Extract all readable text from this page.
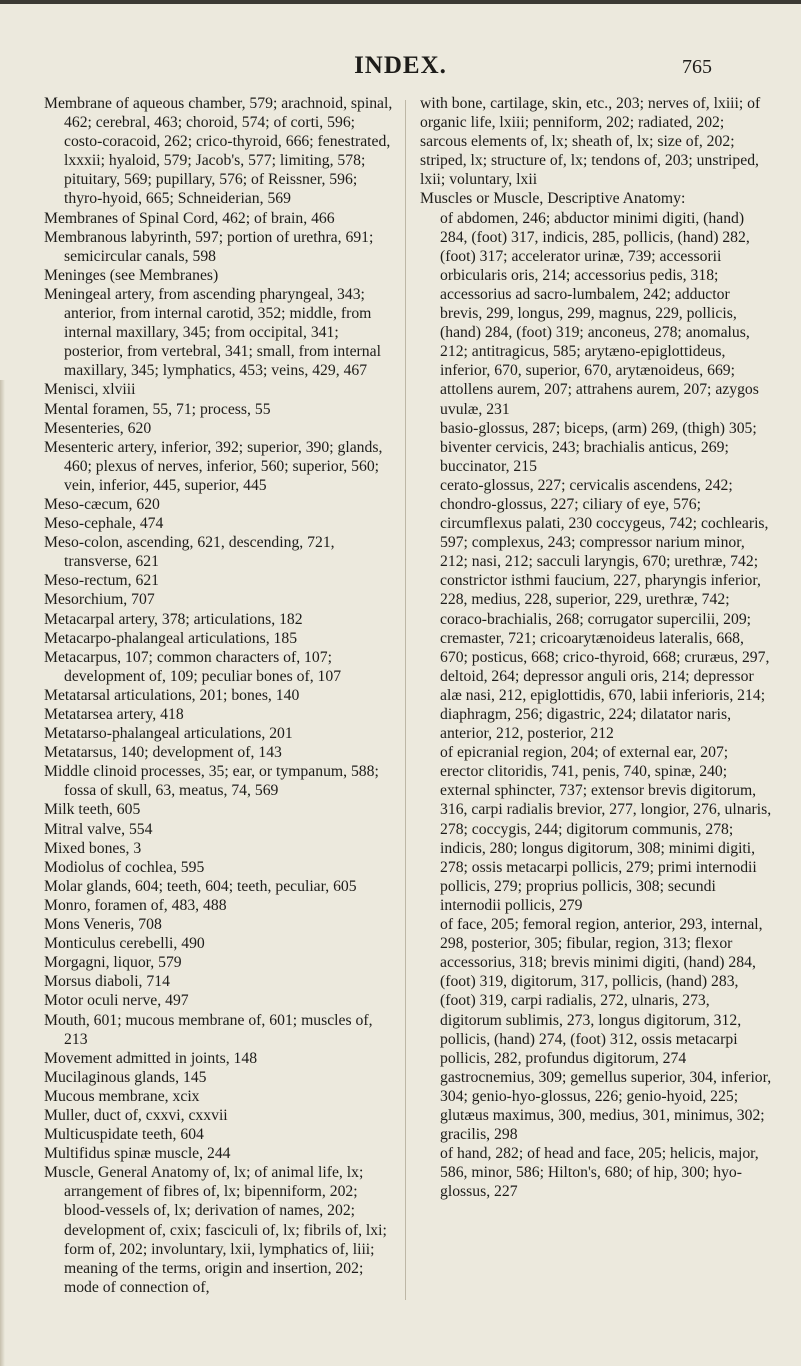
INDEX.	765

Membrane of aqueous chamber, 579; arachnoid, spinal, 462; cerebral, 463; choroid, 574; of corti, 596; costo-coracoid, 262; crico-thyroid, 666; fenestrated, lxxxii; hyaloid, 579; Jacob's, 577; limiting, 578; pituitary, 569; pupillary, 576; of Reissner, 596; thyro-hyoid, 665; Schneiderian, 569

Membranes of Spinal Cord, 462; of brain, 466

Membranous labyrinth, 597; portion of urethra, 691; semicircular canals, 598

Meninges (see Membranes)

Meningeal artery, from ascending pharyngeal, 343; anterior, from internal carotid, 352; middle, from internal maxillary, 345; from occipital, 341; posterior, from vertebral, 341; small, from internal maxillary, 345; lymphatics, 453; veins, 429, 467

Menisci, xlviii

Mental foramen, 55, 71; process, 55

Mesenteries, 620

Mesenteric artery, inferior, 392; superior, 390; glands, 460; plexus of nerves, inferior, 560; superior, 560; vein, inferior, 445, superior, 445

Meso-cæcum, 620

Meso-cephale, 474

Meso-colon, ascending, 621, descending, 721, transverse, 621

Meso-rectum, 621

Mesorchium, 707

Metacarpal artery, 378; articulations, 182

Metacarpo-phalangeal articulations, 185

Metacarpus, 107; common characters of, 107; development of, 109; peculiar bones of, 107

Metatarsal articulations, 201; bones, 140

Metatarsea artery, 418

Metatarso-phalangeal articulations, 201

Metatarsus, 140; development of, 143

Middle clinoid processes, 35; ear, or tympanum, 588; fossa of skull, 63, meatus, 74, 569

Milk teeth, 605

Mitral valve, 554

Mixed bones, 3

Modiolus of cochlea, 595

Molar glands, 604; teeth, 604; teeth, peculiar, 605

Monro, foramen of, 483, 488

Mons Veneris, 708

Monticulus cerebelli, 490

Morgagni, liquor, 579

Morsus diaboli, 714

Motor oculi nerve, 497

Mouth, 601; mucous membrane of, 601; muscles of, 213

Movement admitted in joints, 148

Mucilaginous glands, 145

Mucous membrane, xcix

Muller, duct of, cxxvi, cxxvii

Multicuspidate teeth, 604

Multifidus spinæ muscle, 244

Muscle, General Anatomy of, lx; of animal life, lx; arrangement of fibres of, lx; bipenniform, 202; blood-vessels of, lx; derivation of names, 202; development of, cxix; fasciculi of, lx; fibrils of, lxi; form of, 202; involuntary, lxii, lymphatics of, liii; meaning of the terms, origin and insertion, 202; mode of connection of,

with bone, cartilage, skin, etc., 203; nerves of, lxiii; of organic life, lxiii; penniform, 202; radiated, 202; sarcous elements of, lx; sheath of, lx; size of, 202; striped, lx; structure of, lx; tendons of, 203; unstriped, lxii; voluntary, lxii

Muscles or Muscle, Descriptive Anatomy:

of abdomen, 246; abductor minimi digiti, (hand) 284, (foot) 317, indicis, 285, pollicis, (hand) 282, (foot) 317; accelerator urinæ, 739; accessorii orbicularis oris, 214; accessorius pedis, 318; accessorius ad sacro-lumbalem, 242; adductor brevis, 299, longus, 299, magnus, 229, pollicis, (hand) 284, (foot) 319; anconeus, 278; anomalus, 212; antitragicus, 585; arytæno-epiglottideus, inferior, 670, superior, 670, arytænoideus, 669; attollens aurem, 207; attrahens aurem, 207; azygos uvulæ, 231

basio-glossus, 287; biceps, (arm) 269, (thigh) 305; biventer cervicis, 243; brachialis anticus, 269; buccinator, 215

cerato-glossus, 227; cervicalis ascendens, 242; chondro-glossus, 227; ciliary of eye, 576; circumflexus palati, 230 coccygeus, 742; cochlearis, 597; complexus, 243; compressor narium minor, 212; nasi, 212; sacculi laryngis, 670; urethræ, 742; constrictor isthmi faucium, 227, pharyngis inferior, 228, medius, 228, superior, 229, urethræ, 742; coraco-brachialis, 268; corrugator supercilii, 209; cremaster, 721; cricoarytænoideus lateralis, 668, 670; posticus, 668; crico-thyroid, 668; cruræus, 297, deltoid, 264; depressor anguli oris, 214; depressor alæ nasi, 212, epiglottidis, 670, labii inferioris, 214; diaphragm, 256; digastric, 224; dilatator naris, anterior, 212, posterior, 212

of epicranial region, 204; of external ear, 207; erector clitoridis, 741, penis, 740, spinæ, 240; external sphincter, 737; extensor brevis digitorum, 316, carpi radialis brevior, 277, longior, 276, ulnaris, 278; coccygis, 244; digitorum communis, 278; indicis, 280; longus digitorum, 308; minimi digiti, 278; ossis metacarpi pollicis, 279; primi internodii pollicis, 279; proprius pollicis, 308; secundi internodii pollicis, 279

of face, 205; femoral region, anterior, 293, internal, 298, posterior, 305; fibular, region, 313; flexor accessorius, 318; brevis minimi digiti, (hand) 284, (foot) 319, digitorum, 317, pollicis, (hand) 283, (foot) 319, carpi radialis, 272, ulnaris, 273, digitorum sublimis, 273, longus digitorum, 312, pollicis, (hand) 274, (foot) 312, ossis metacarpi pollicis, 282, profundus digitorum, 274

gastrocnemius, 309; gemellus superior, 304, inferior, 304; genio-hyo-glossus, 226; genio-hyoid, 225; glutæus maximus, 300, medius, 301, minimus, 302; gracilis, 298

of hand, 282; of head and face, 205; helicis, major, 586, minor, 586; Hilton's, 680; of hip, 300; hyo-glossus, 227
